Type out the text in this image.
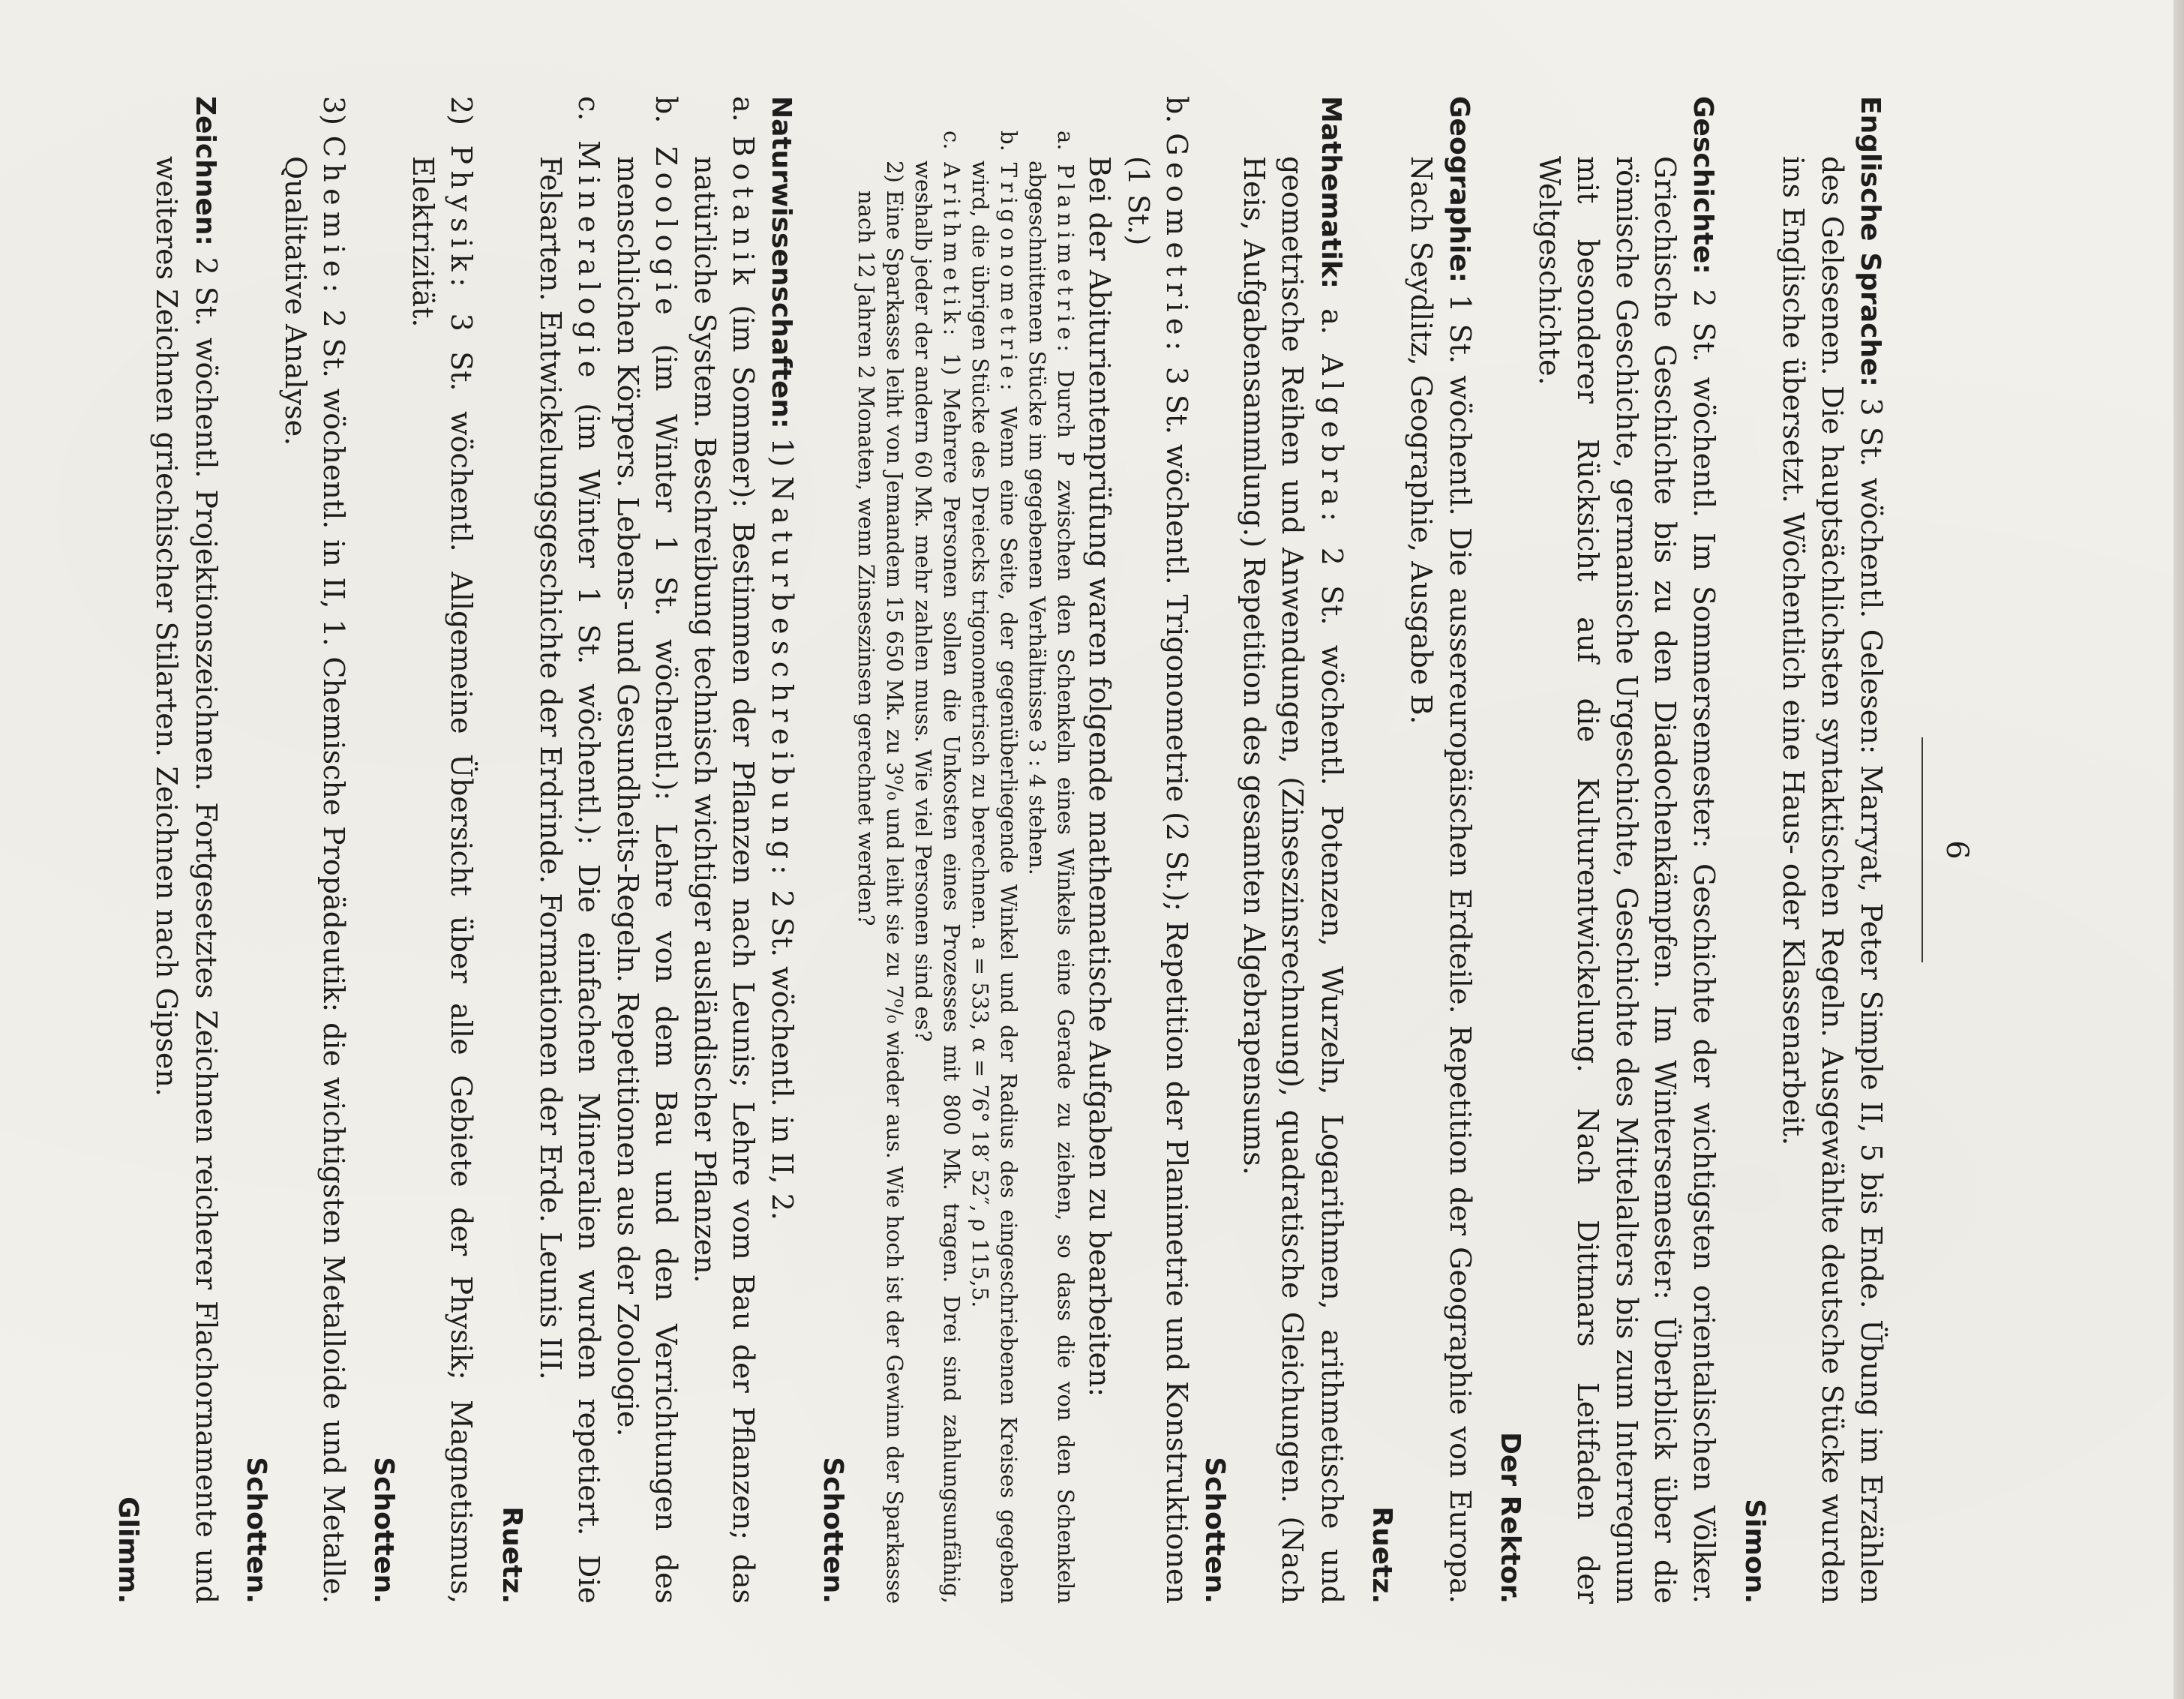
6
Englische Sprache: 3 St. wöchentl. Gelesen: Marryat, Peter Simple II, 5 bis Ende. Übung im Erzählen des Gelesenen. Die hauptsächlichsten syntaktischen Regeln. Ausgewählte deutsche Stücke wurden ins Englische übersetzt. Wöchentlich eine Haus- oder Klassenarbeit.
Simon.
Geschichte: 2 St. wöchentl. Im Sommersemester: Geschichte der wichtigsten orientalischen Völker. Griechische Geschichte bis zu den Diadochenkämpfen. Im Wintersemester: Überblick über die römische Geschichte, germanische Urgeschichte, Geschichte des Mittelalters bis zum Interregnum mit besonderer Rücksicht auf die Kulturentwickelung. Nach Dittmars Leitfaden der Weltgeschichte.
Der Rektor.
Geographie: 1 St. wöchentl. Die aussereuropäischen Erdteile. Repetition der Geographie von Europa. Nach Seydlitz, Geographie, Ausgabe B.
Ruetz.
Mathematik: a. Algebra: 2 St. wöchentl. Potenzen, Wurzeln, Logarithmen, arithmetische und geometrische Reihen und Anwendungen, (Zinseszinsrechnung), quadratische Gleichungen. (Nach Heis, Aufgabensammlung.) Repetition des gesamten Algebrapensums.
Schotten.
b. Geometrie: 3 St. wöchentl. Trigonometrie (2 St.); Repetition der Planimetrie und Konstruktionen (1 St.)
Bei der Abiturientenprüfung waren folgende mathematische Aufgaben zu bearbeiten:
a. Planimetrie: Durch P zwischen den Schenkeln eines Winkels eine Gerade zu ziehen, so dass die von den Schenkeln abgeschnittenen Stücke im gegebenen Verhältnisse 3 : 4 stehen.
b. Trigonometrie: Wenn eine Seite, der gegenüberliegende Winkel und der Radius des eingeschriebenen Kreises gegeben wird, die übrigen Stücke des Dreiecks trigonometrisch zu berechnen. a = 533, α = 76° 18′ 52″, ρ 115,5.
c. Arithmetik: 1) Mehrere Personen sollen die Unkosten eines Prozesses mit 800 Mk. tragen. Drei sind zahlungsunfähig, weshalb jeder der andern 60 Mk. mehr zahlen muss. Wie viel Personen sind es?
2) Eine Sparkasse leiht von Jemandem 15 650 Mk. zu 3⁰/₀ und leiht sie zu 7⁰/₀ wieder aus. Wie hoch ist der Gewinn der Sparkasse nach 12 Jahren 2 Monaten, wenn Zinseszinsen gerechnet werden?
Schotten.
Naturwissenschaften: 1) Naturbeschreibung: 2 St. wöchentl. in II, 2.
a. Botanik (im Sommer): Bestimmen der Pflanzen nach Leunis; Lehre vom Bau der Pflanzen; das natürliche System. Beschreibung technisch wichtiger ausländischer Pflanzen.
b. Zoologie (im Winter 1 St. wöchentl.): Lehre von dem Bau und den Verrichtungen des menschlichen Körpers. Lebens- und Gesundheits-Regeln. Repetitionen aus der Zoologie.
c. Mineralogie (im Winter 1 St. wöchentl.): Die einfachen Mineralien wurden repetiert. Die Felsarten. Entwickelungsgeschichte der Erdrinde. Formationen der Erde. Leunis III.
Ruetz.
2) Physik: 3 St. wöchentl. Allgemeine Übersicht über alle Gebiete der Physik; Magnetismus, Elektrizität.
Schotten.
3) Chemie: 2 St. wöchentl. in II, 1. Chemische Propädeutik: die wichtigsten Metalloide und Metalle. Qualitative Analyse.
Schotten.
Zeichnen: 2 St. wöchentl. Projektionszeichnen. Fortgesetztes Zeichnen reicherer Flachornamente und weiteres Zeichnen griechischer Stilarten. Zeichnen nach Gipsen.
Glimm.
